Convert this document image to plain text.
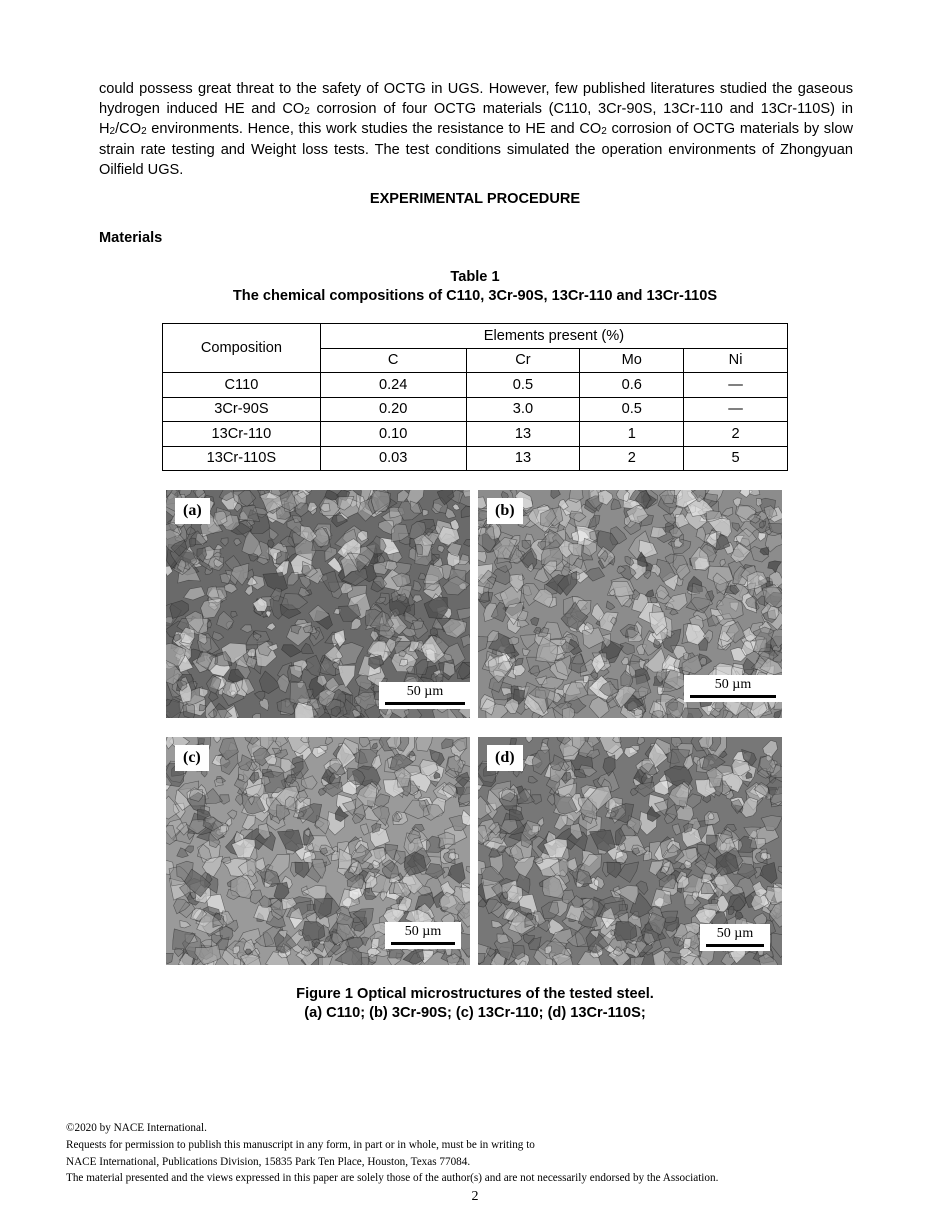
could possess great threat to the safety of OCTG in UGS. However, few published literatures studied the gaseous hydrogen induced HE and $CO_2$ corrosion of four OCTG materials (C110, 3Cr-90S, 13Cr-110 and 13Cr-110S) in $H_2/CO_2$ environments. Hence, this work studies the resistance to HE and $CO_2$ corrosion of OCTG materials by slow strain rate testing and Weight loss tests. The test conditions simulated the operation environments of Zhongyuan Oilfield UGS.

EXPERIMENTAL PROCEDURE
Materials
Table 1
The chemical compositions of C110, 3Cr-90S, 13Cr-110 and 13Cr-110S
Composition	Elements present (%)			
	C	Cr	Mo	Ni
C110	0.24	0.5	0.6	—
3Cr-90S	0.20	3.0	0.5	—
13Cr-110	0.10	13	1	2
13Cr-110S	0.03	13	2	5
(a)
50 µm
(b)
50 µm
(c)
50 µm
(d)
50 µm
Figure 1 Optical microstructures of the tested steel.
(a) C110; (b) 3Cr-90S; (c) 13Cr-110; (d) 13Cr-110S;
©2020 by NACE International.
Requests for permission to publish this manuscript in any form, in part or in whole, must be in writing to
NACE International, Publications Division, 15835 Park Ten Place, Houston, Texas 77084.
The material presented and the views expressed in this paper are solely those of the author(s) and are not necessarily endorsed by the Association.
2
